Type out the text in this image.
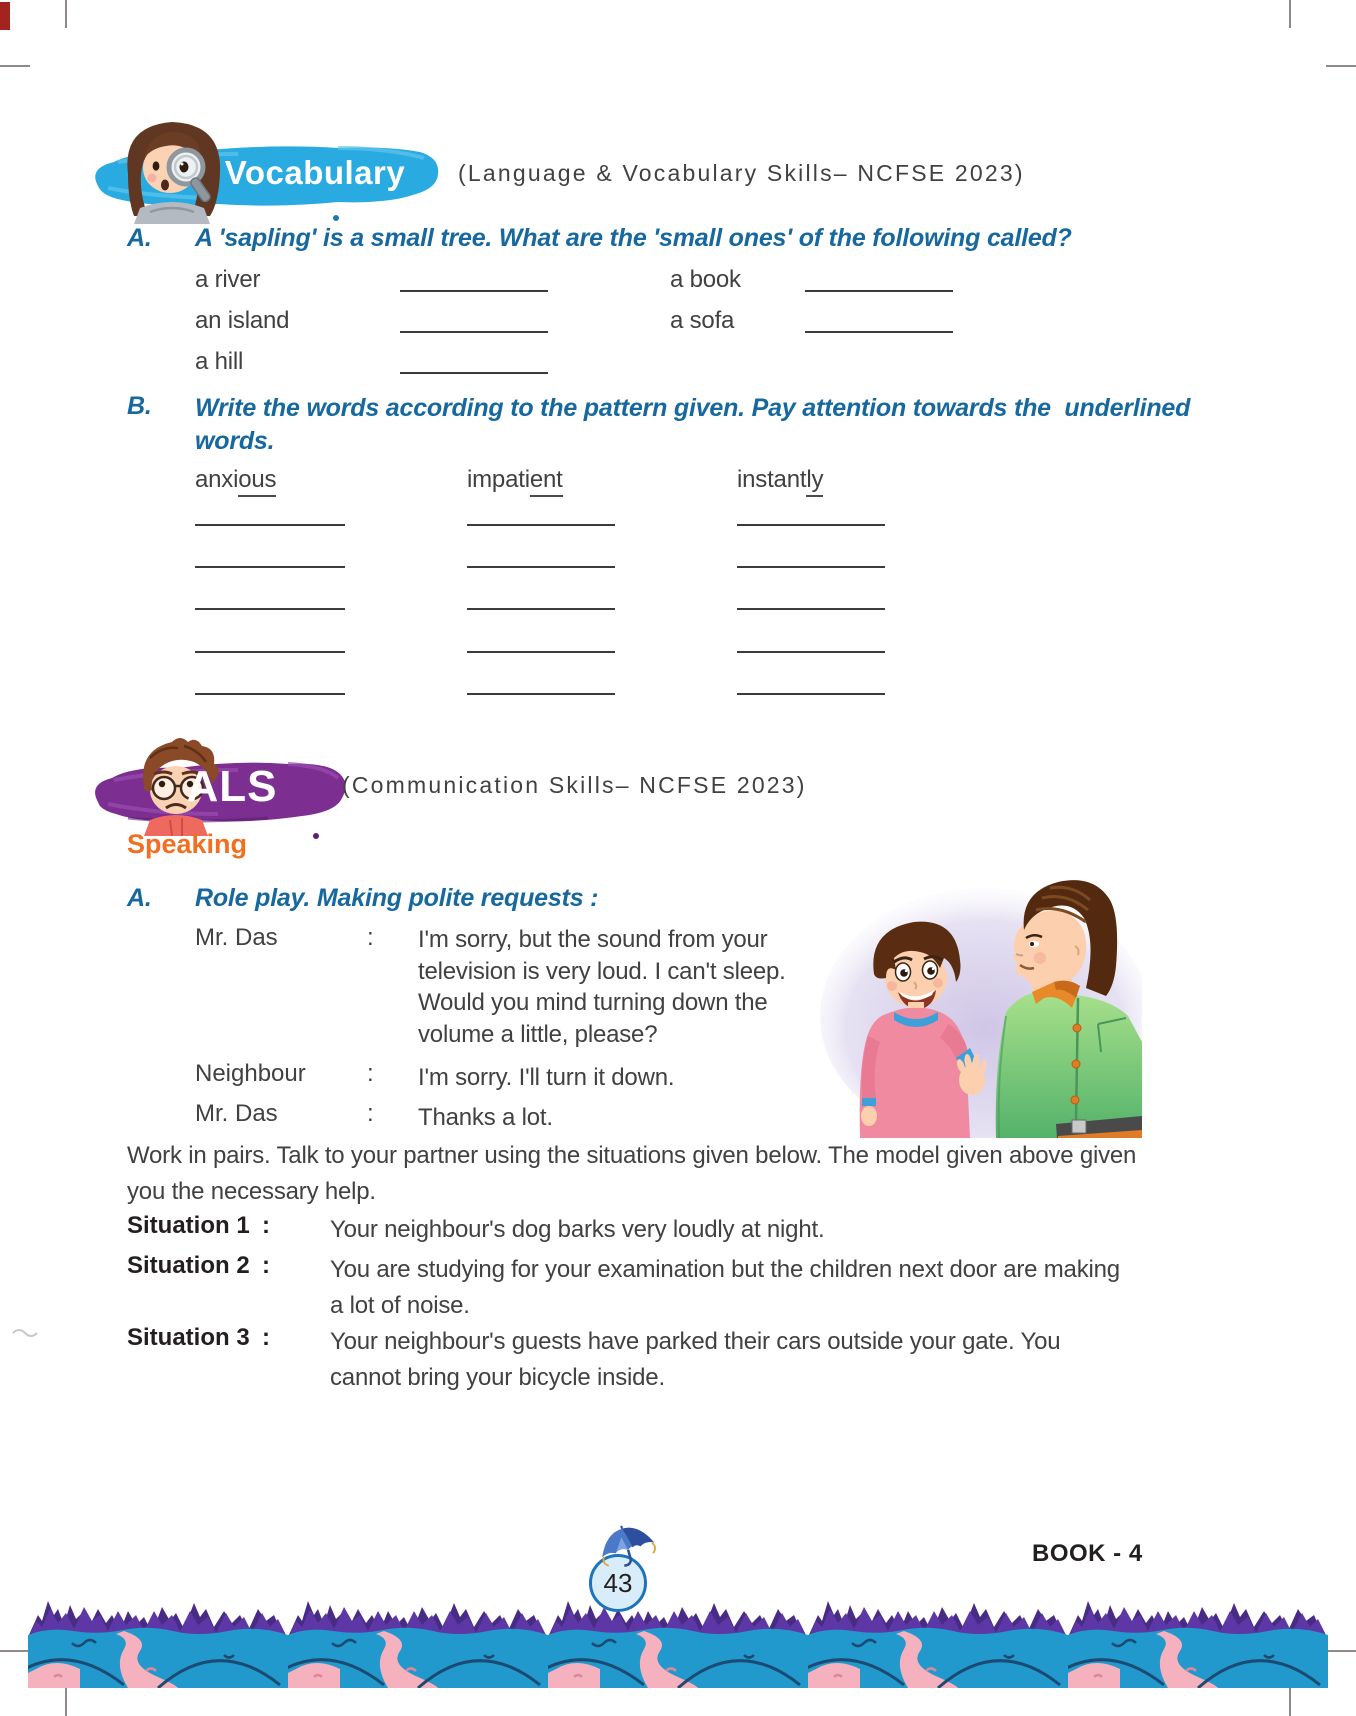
Vocabulary	(Language & Vocabulary Skills– NCFSE 2023)
A. A 'sapling' is a small tree. What are the 'small ones' of the following called?
a river	a book
an island	a sofa
a hill
B. Write the words according to the pattern given. Pay attention towards the  underlined words.
anxious	impatient	instantly
ALS	(Communication Skills– NCFSE 2023)
Speaking
A. Role play. Making polite requests :
Mr. Das	: I'm sorry, but the sound from your television is very loud. I can't sleep. Would you mind turning down the volume a little, please?
Neighbour	: I'm sorry. I'll turn it down.
Mr. Das	: Thanks a lot.
Work in pairs. Talk to your partner using the situations given below. The model given above given you the necessary help.
Situation 1 :	Your neighbour's dog barks very loudly at night.
Situation 2 :	You are studying for your examination but the children next door are making a lot of noise.
Situation 3 :	Your neighbour's guests have parked their cars outside your gate. You cannot bring your bicycle inside.
BOOK - 4
43
